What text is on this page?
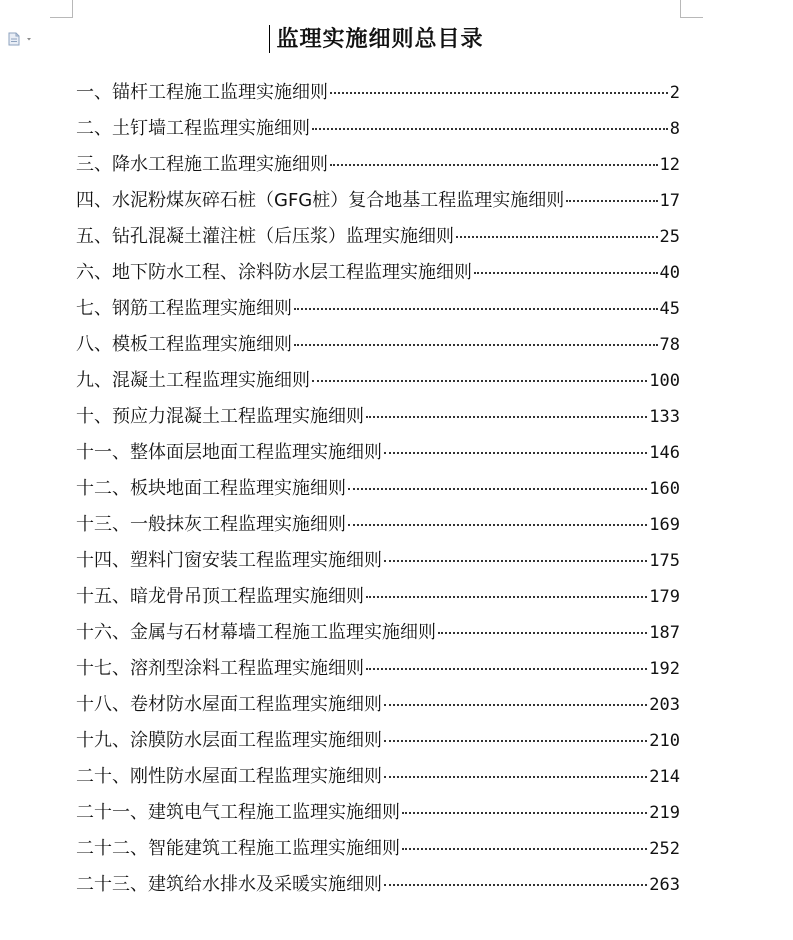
监理实施细则总目录
一、锚杆工程施工监理实施细则	2
二、土钉墙工程监理实施细则	8
三、降水工程施工监理实施细则	12
四、水泥粉煤灰碎石桩（GFG桩）复合地基工程监理实施细则	17
五、钻孔混凝土灌注桩（后压浆）监理实施细则	25
六、地下防水工程、涂料防水层工程监理实施细则	40
七、钢筋工程监理实施细则	45
八、模板工程监理实施细则	78
九、混凝土工程监理实施细则	100
十、预应力混凝土工程监理实施细则	133
十一、整体面层地面工程监理实施细则	146
十二、板块地面工程监理实施细则	160
十三、一般抹灰工程监理实施细则	169
十四、塑料门窗安装工程监理实施细则	175
十五、暗龙骨吊顶工程监理实施细则	179
十六、金属与石材幕墙工程施工监理实施细则	187
十七、溶剂型涂料工程监理实施细则	192
十八、卷材防水屋面工程监理实施细则	203
十九、涂膜防水层面工程监理实施细则	210
二十、刚性防水屋面工程监理实施细则	214
二十一、建筑电气工程施工监理实施细则	219
二十二、智能建筑工程施工监理实施细则	252
二十三、建筑给水排水及采暖实施细则	263
